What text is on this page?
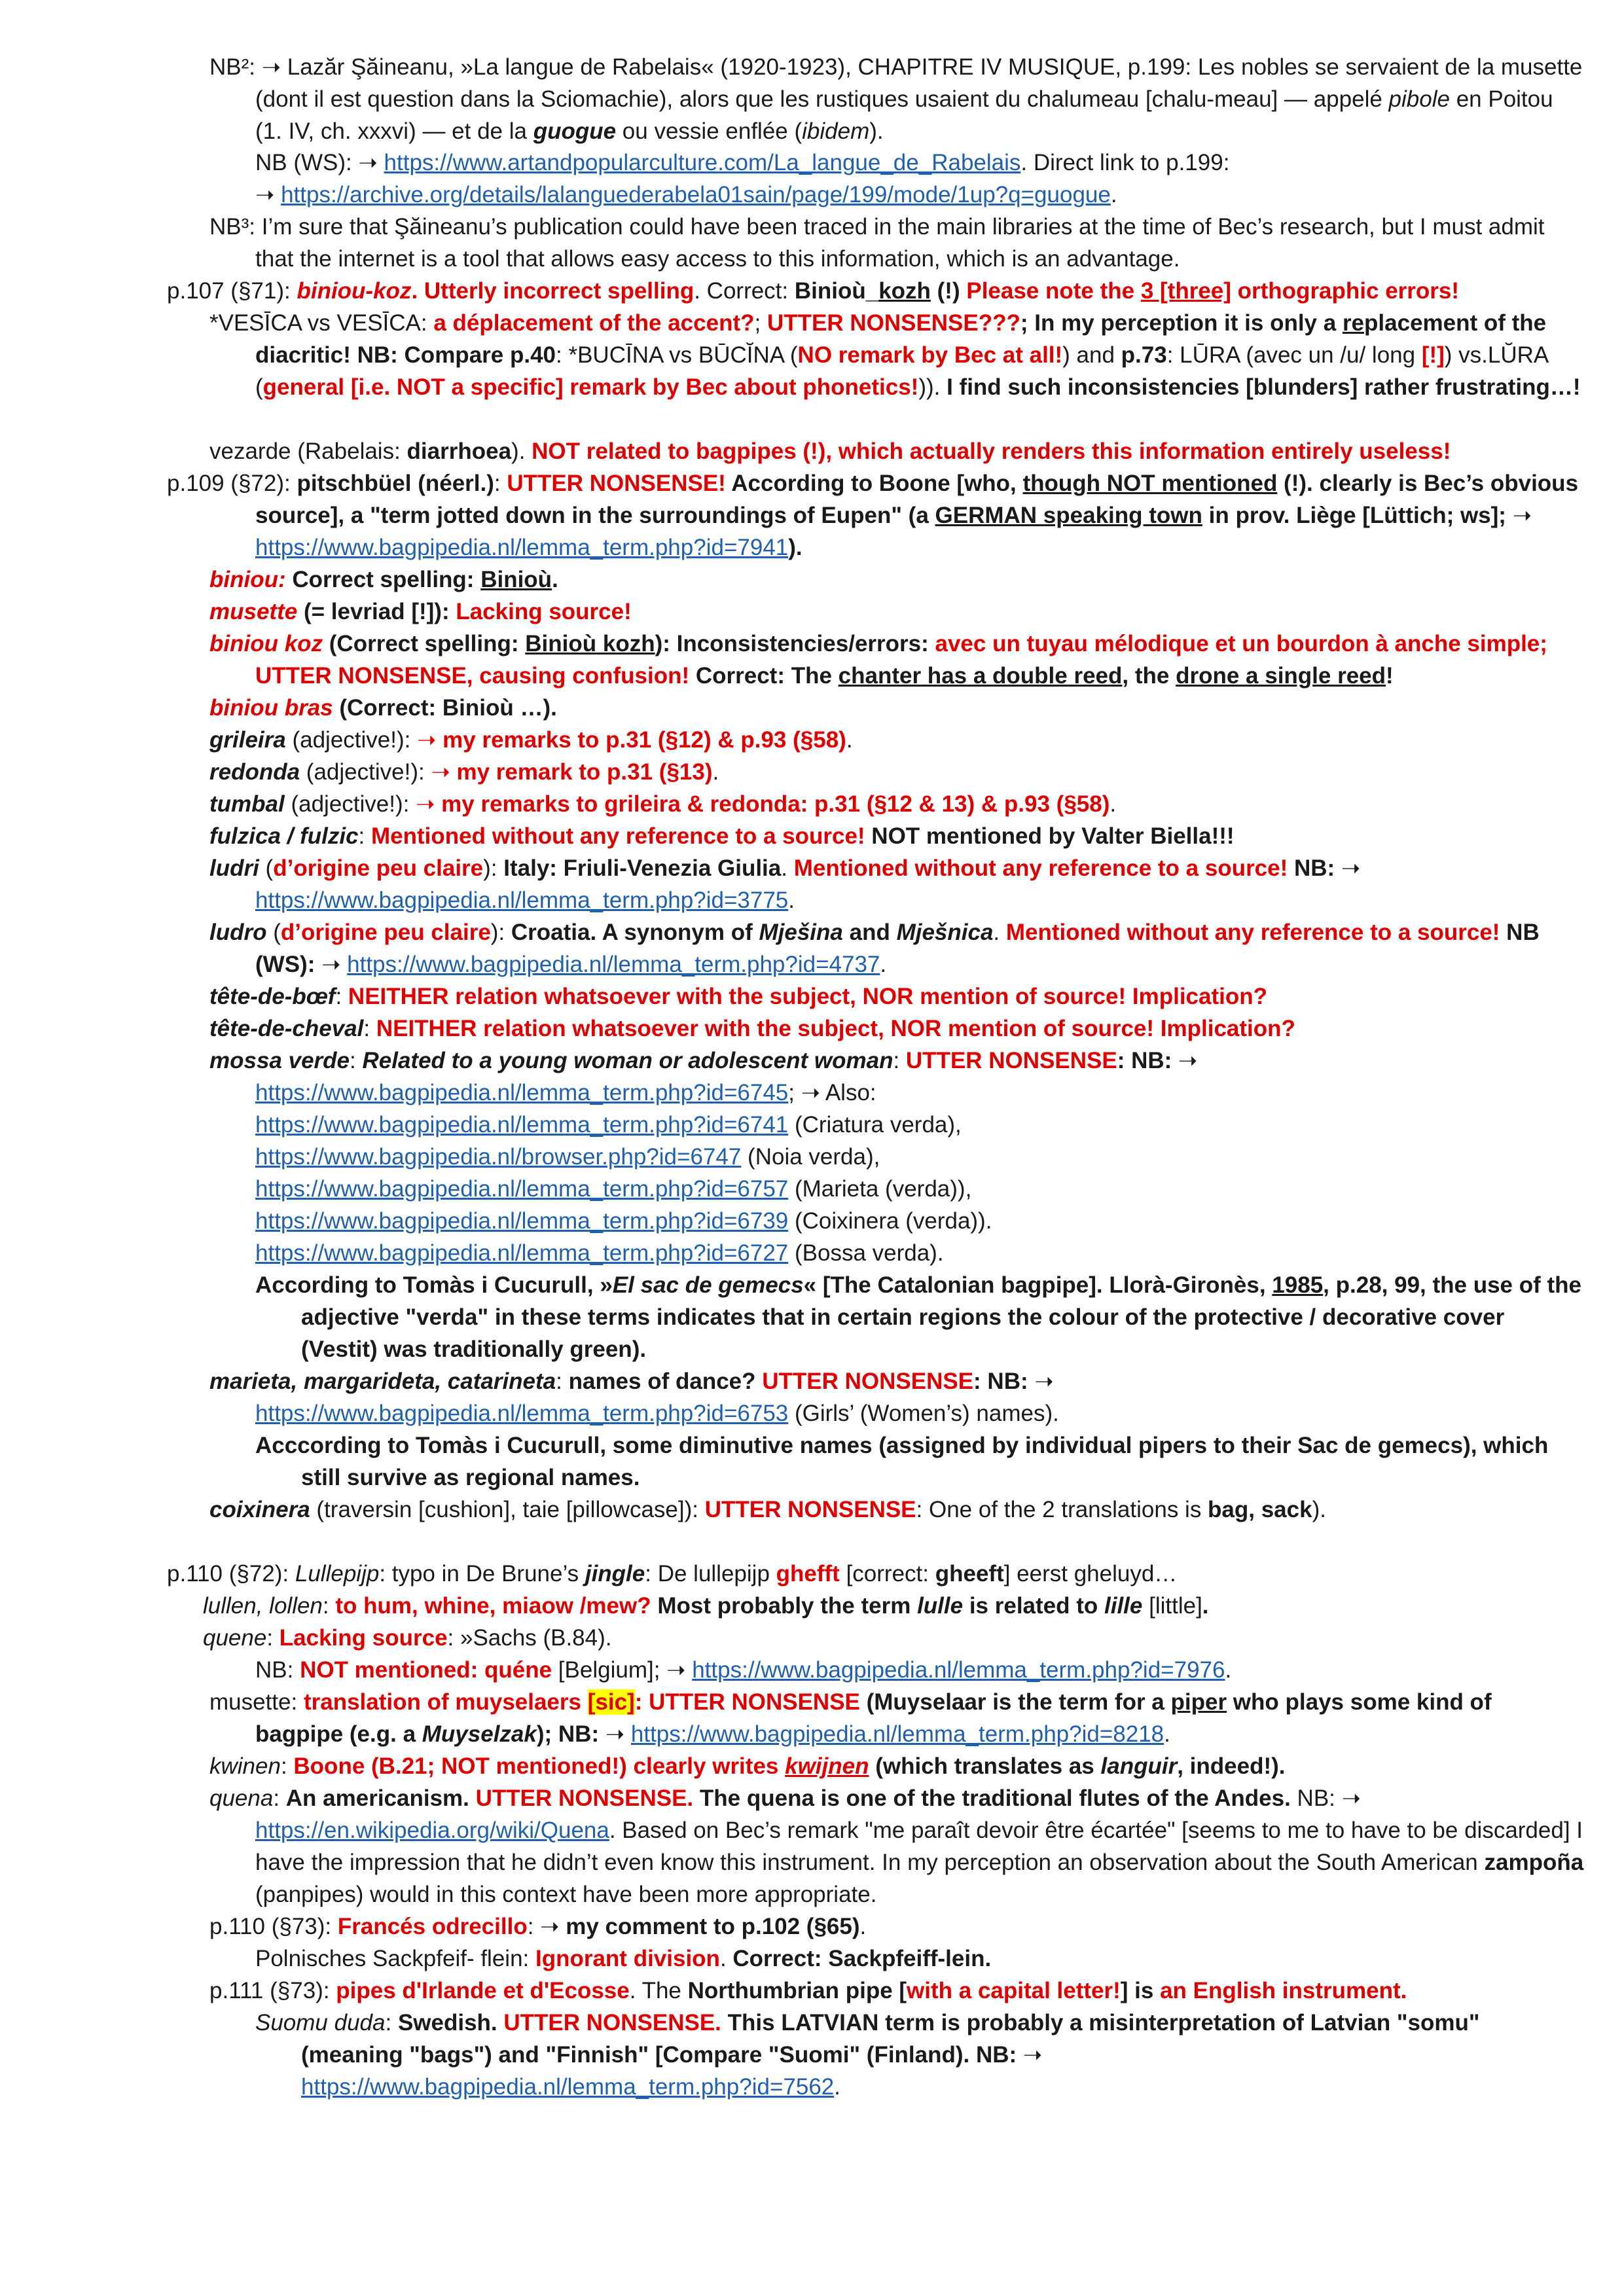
NB²: ➝ Lazăr Şăineanu, »La langue de Rabelais« (1920-1923), CHAPITRE IV MUSIQUE, p.199: Les nobles se servaient de la musette (dont il est question dans la Sciomachie), alors que les rustiques usaient du chalumeau [chalu-meau] — appelé pibole en Poitou (1. IV, ch. xxxvi) — et de la guogue ou vessie enflée (ibidem).
NB (WS): ➝ https://www.artandpopularculture.com/La_langue_de_Rabelais. Direct link to p.199:
➝ https://archive.org/details/lalanguederabela01sain/page/199/mode/1up?q=guogue.
NB³: I’m sure that Şăineanu’s publication could have been traced in the main libraries at the time of Bec’s research, but I must admit that the internet is a tool that allows easy access to this information, which is an advantage.
p.107 (§71): biniou-koz. Utterly incorrect spelling. Correct: Binioù_kozh (!) Please note the 3 [three] orthographic errors!
*VESĪCA vs VESĪCA: a déplacement of the accent?; UTTER NONSENSE???; In my perception it is only a replacement of the diacritic! NB: Compare p.40: *BUCĪNA vs BŪCĬNA (NO remark by Bec at all!) and p.73: LŪRA (avec un /u/ long [!]) vs.LŬRA (general [i.e. NOT a specific] remark by Bec about phonetics!)). I find such inconsistencies [blunders] rather frustrating…!
vezarde (Rabelais: diarrhoea). NOT related to bagpipes (!), which actually renders this information entirely useless!
p.109 (§72): pitschbüel (néerl.): UTTER NONSENSE! According to Boone [who, though NOT mentioned (!). clearly is Bec’s obvious source], a "term jotted down in the surroundings of Eupen" (a GERMAN speaking town in prov. Liège [Lüttich; ws]; ➝ https://www.bagpipedia.nl/lemma_term.php?id=7941).
biniou: Correct spelling: Binioù.
musette (= levriad [!]): Lacking source!
biniou koz (Correct spelling: Binioù kozh): Inconsistencies/errors: avec un tuyau mélodique et un bourdon à anche simple; UTTER NONSENSE, causing confusion! Correct: The chanter has a double reed, the drone a single reed!
biniou bras (Correct: Binioù …).
grileira (adjective!): ➝ my remarks to p.31 (§12) & p.93 (§58).
redonda (adjective!): ➝ my remark to p.31 (§13).
tumbal (adjective!): ➝ my remarks to grileira & redonda: p.31 (§12 & 13) & p.93 (§58).
fulzica / fulzic: Mentioned without any reference to a source! NOT mentioned by Valter Biella!!!
ludri (d’origine peu claire): Italy: Friuli-Venezia Giulia. Mentioned without any reference to a source! NB: ➝ https://www.bagpipedia.nl/lemma_term.php?id=3775.
ludro (d’origine peu claire): Croatia. A synonym of Mješina and Mješnica. Mentioned without any reference to a source! NB (WS): ➝ https://www.bagpipedia.nl/lemma_term.php?id=4737.
tête-de-bœf: NEITHER relation whatsoever with the subject, NOR mention of source! Implication?
tête-de-cheval: NEITHER relation whatsoever with the subject, NOR mention of source! Implication?
mossa verde: Related to a young woman or adolescent woman: UTTER NONSENSE: NB: ➝
https://www.bagpipedia.nl/lemma_term.php?id=6745; ➝ Also:
https://www.bagpipedia.nl/lemma_term.php?id=6741 (Criatura verda),
https://www.bagpipedia.nl/browser.php?id=6747 (Noia verda),
https://www.bagpipedia.nl/lemma_term.php?id=6757 (Marieta (verda)),
https://www.bagpipedia.nl/lemma_term.php?id=6739 (Coixinera (verda)).
https://www.bagpipedia.nl/lemma_term.php?id=6727 (Bossa verda).
According to Tomàs i Cucurull, »El sac de gemecs« [The Catalonian bagpipe]. Llorà-Gironès, 1985, p.28, 99, the use of the adjective "verda" in these terms indicates that in certain regions the colour of the protective / decorative cover (Vestit) was traditionally green).
marieta, margarideta, catarineta: names of dance? UTTER NONSENSE: NB: ➝
https://www.bagpipedia.nl/lemma_term.php?id=6753 (Girls’ (Women’s) names).
Acccording to Tomàs i Cucurull, some diminutive names (assigned by individual pipers to their Sac de gemecs), which still survive as regional names.
coixinera (traversin [cushion], taie [pillowcase]): UTTER NONSENSE: One of the 2 translations is bag, sack).
p.110 (§72): Lullepijp: typo in De Brune’s jingle: De lullepijp ghefft [correct: gheeft] eerst gheluyd…
lullen, lollen: to hum, whine, miaow /mew? Most probably the term lulle is related to lille [little].
quene: Lacking source: »Sachs (B.84).
NB: NOT mentioned: quéne [Belgium]; ➝ https://www.bagpipedia.nl/lemma_term.php?id=7976.
musette: translation of muyselaers [sic]: UTTER NONSENSE (Muyselaar is the term for a piper who plays some kind of bagpipe (e.g. a Muyselzak); NB: ➝ https://www.bagpipedia.nl/lemma_term.php?id=8218.
kwinen: Boone (B.21; NOT mentioned!) clearly writes kwijnen (which translates as languir, indeed!).
quena: An americanism. UTTER NONSENSE. The quena is one of the traditional flutes of the Andes. NB: ➝ https://en.wikipedia.org/wiki/Quena. Based on Bec’s remark "me paraît devoir être écartée" [seems to me to have to be discarded] I have the impression that he didn’t even know this instrument. In my perception an observation about the South American zampoña (panpipes) would in this context have been more appropriate.
p.110 (§73): Francés odrecillo: ➝ my comment to p.102 (§65).
Polnisches Sackpfeif- flein: Ignorant division. Correct: Sackpfeiff-lein.
p.111 (§73): pipes d'Irlande et d'Ecosse. The Northumbrian pipe [with a capital letter!] is an English instrument.
Suomu duda: Swedish. UTTER NONSENSE. This LATVIAN term is probably a misinterpretation of Latvian "somu" (meaning "bags") and "Finnish" [Compare "Suomi" (Finland). NB: ➝
https://www.bagpipedia.nl/lemma_term.php?id=7562.
